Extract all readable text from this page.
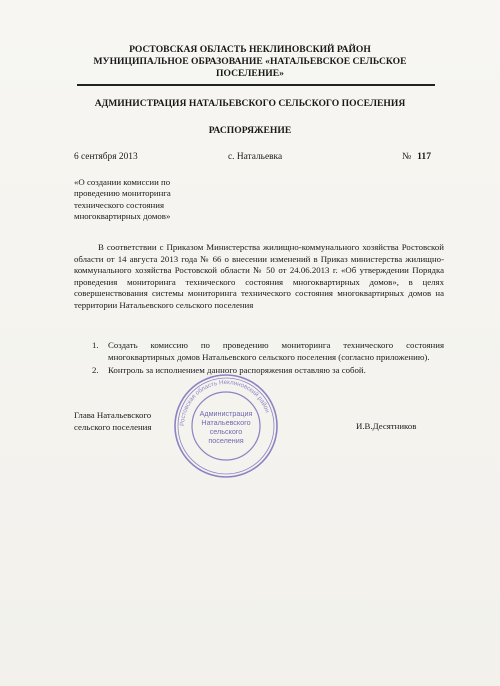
РОСТОВСКАЯ ОБЛАСТЬ НЕКЛИНОВСКИЙ РАЙОН
МУНИЦИПАЛЬНОЕ ОБРАЗОВАНИЕ «НАТАЛЬЕВСКОЕ СЕЛЬСКОЕ
ПОСЕЛЕНИЕ»
АДМИНИСТРАЦИЯ НАТАЛЬЕВСКОГО СЕЛЬСКОГО ПОСЕЛЕНИЯ
РАСПОРЯЖЕНИЕ
6 сентября 2013	с. Натальевка	№ 117
«О создании комиссии по
проведению мониторинга
технического состояния
многоквартирных домов»
В соответствии с Приказом Министерства жилищно-коммунального хозяйства Ростовской области от 14 августа 2013 года № 66 о внесении изменений в Приказ министерства жилищно-коммунального хозяйства Ростовской области № 50 от 24.06.2013 г. «Об утверждении Порядка проведения мониторинга технического состояния многоквартирных домов», в целях совершенствования системы мониторинга технического состояния многоквартирных домов на территории Натальевского сельского поселения
1. Создать комиссию по проведению мониторинга технического состояния многоквартирных домов Натальевского сельского поселения (согласно приложению).
2. Контроль за исполнением данного распоряжения оставляю за собой.
Глава Натальевского
сельского поселения	И.В.Десятников
Ростовская область Неклиновский район
Администрация
Натальевского
сельского
поселения
